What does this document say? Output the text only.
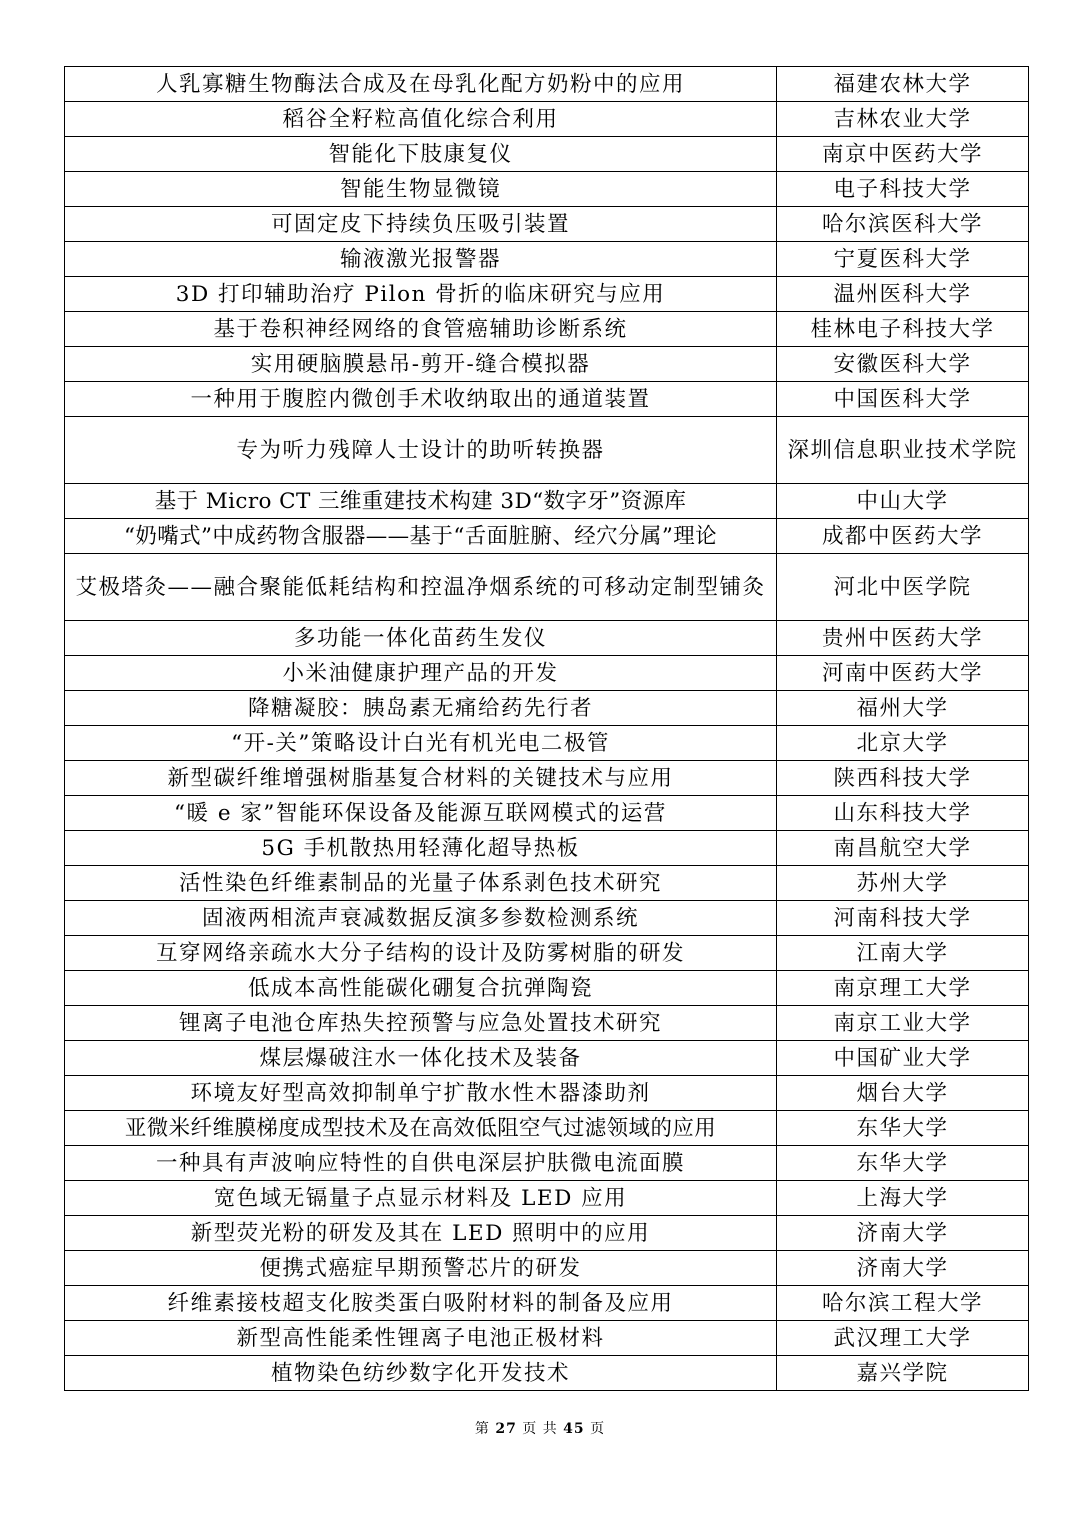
人乳寡糖生物酶法合成及在母乳化配方奶粉中的应用	福建农林大学
稻谷全籽粒高值化综合利用	吉林农业大学
智能化下肢康复仪	南京中医药大学
智能生物显微镜	电子科技大学
可固定皮下持续负压吸引装置	哈尔滨医科大学
输液激光报警器	宁夏医科大学
3D 打印辅助治疗 Pilon 骨折的临床研究与应用	温州医科大学
基于卷积神经网络的食管癌辅助诊断系统	桂林电子科技大学
实用硬脑膜悬吊-剪开-缝合模拟器	安徽医科大学
一种用于腹腔内微创手术收纳取出的通道装置	中国医科大学
专为听力残障人士设计的助听转换器	深圳信息职业技术学院
基于 Micro CT 三维重建技术构建 3D“数字牙”资源库	中山大学
“奶嘴式”中成药物含服器——基于“舌面脏腑、经穴分属”理论	成都中医药大学
艾极塔灸——融合聚能低耗结构和控温净烟系统的可移动定制型铺灸	河北中医学院
多功能一体化苗药生发仪	贵州中医药大学
小米油健康护理产品的开发	河南中医药大学
降糖凝胶：胰岛素无痛给药先行者	福州大学
“开-关”策略设计白光有机光电二极管	北京大学
新型碳纤维增强树脂基复合材料的关键技术与应用	陕西科技大学
“暖 e 家”智能环保设备及能源互联网模式的运营	山东科技大学
5G 手机散热用轻薄化超导热板	南昌航空大学
活性染色纤维素制品的光量子体系剥色技术研究	苏州大学
固液两相流声衰减数据反演多参数检测系统	河南科技大学
互穿网络亲疏水大分子结构的设计及防雾树脂的研发	江南大学
低成本高性能碳化硼复合抗弹陶瓷	南京理工大学
锂离子电池仓库热失控预警与应急处置技术研究	南京工业大学
煤层爆破注水一体化技术及装备	中国矿业大学
环境友好型高效抑制单宁扩散水性木器漆助剂	烟台大学
亚微米纤维膜梯度成型技术及在高效低阻空气过滤领域的应用	东华大学
一种具有声波响应特性的自供电深层护肤微电流面膜	东华大学
宽色域无镉量子点显示材料及 LED 应用	上海大学
新型荧光粉的研发及其在 LED 照明中的应用	济南大学
便携式癌症早期预警芯片的研发	济南大学
纤维素接枝超支化胺类蛋白吸附材料的制备及应用	哈尔滨工程大学
新型高性能柔性锂离子电池正极材料	武汉理工大学
植物染色纺纱数字化开发技术	嘉兴学院
第 27 页 共 45 页
